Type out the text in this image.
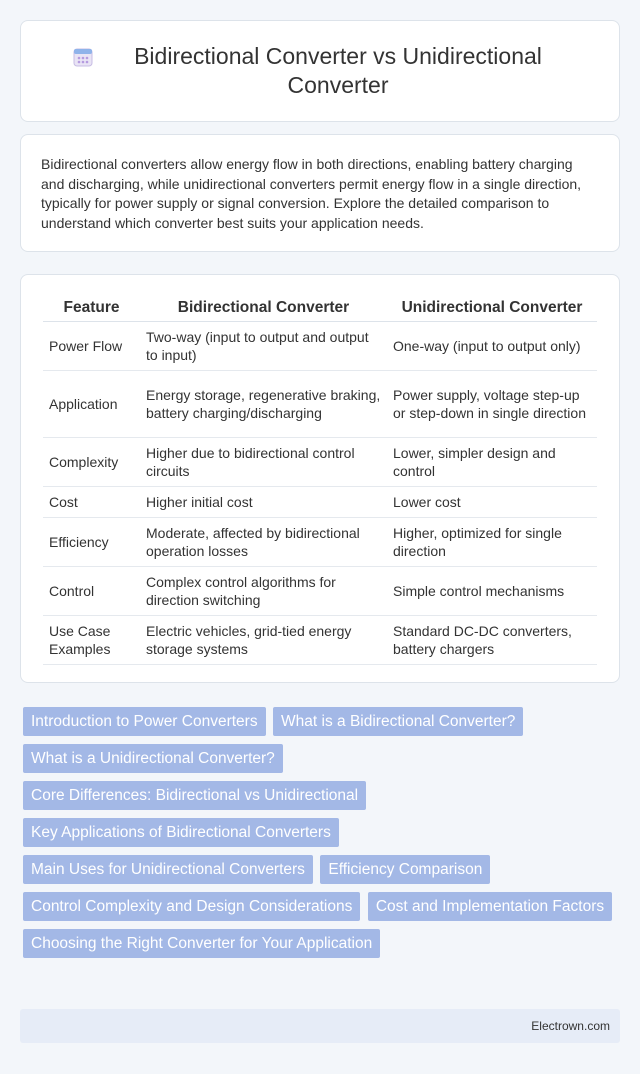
Bidirectional Converter vs Unidirectional Converter

Bidirectional converters allow energy flow in both directions, enabling battery charging and discharging, while unidirectional converters permit energy flow in a single direction, typically for power supply or signal conversion. Explore the detailed comparison to understand which converter best suits your application needs.

Feature	Bidirectional Converter	Unidirectional Converter
Power Flow	Two-way (input to output and output to input)	One-way (input to output only)
Application	Energy storage, regenerative braking, battery charging/discharging	Power supply, voltage step-up or step-down in single direction
Complexity	Higher due to bidirectional control circuits	Lower, simpler design and control
Cost	Higher initial cost	Lower cost
Efficiency	Moderate, affected by bidirectional operation losses	Higher, optimized for single direction
Control	Complex control algorithms for direction switching	Simple control mechanisms
Use Case Examples	Electric vehicles, grid-tied energy storage systems	Standard DC-DC converters, battery chargers
Introduction to Power Converters What is a Bidirectional Converter? What is a Unidirectional Converter? Core Differences: Bidirectional vs Unidirectional Key Applications of Bidirectional Converters Main Uses for Unidirectional Converters Efficiency Comparison Control Complexity and Design Considerations Cost and Implementation Factors Choosing the Right Converter for Your Application
Electrown.com
